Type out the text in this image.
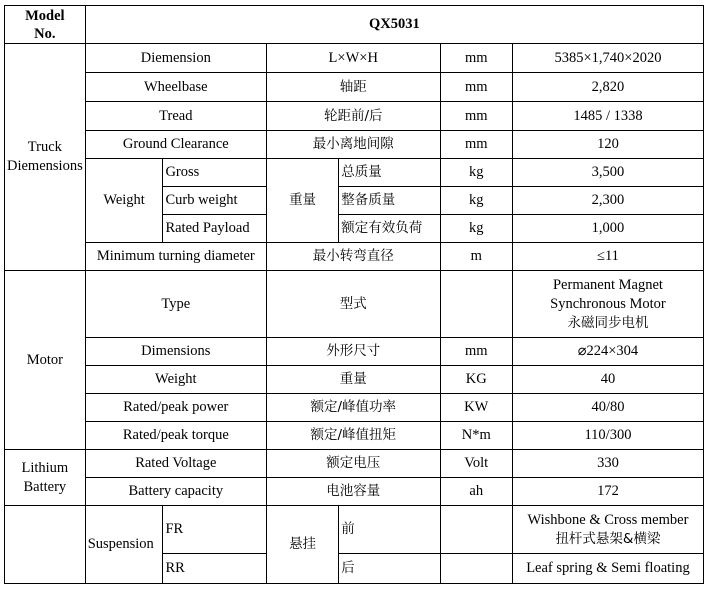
Model
No.	QX5031					
Truck Diemensions	Diemension		L×W×H		mm	5385×1,740×2020
	Wheelbase		轴距		mm	2,820
	Tread		轮距前/后		mm	1485 / 1338
	Ground Clearance		最小离地间隙		mm	120
	Weight	Gross	重量	总质量	kg	3,500
		Curb weight		整备质量	kg	2,300
		Rated Payload		额定有效负荷	kg	1,000
	Minimum turning diameter		最小转弯直径		m	≤11
Motor	Type		型式			Permanent Magnet
Synchronous Motor
永磁同步电机

	Dimensions		外形尺寸		mm	⌀224×304
	Weight		重量		KG	40
	Rated/peak power		额定/峰值功率		KW	40/80
	Rated/peak torque		额定/峰值扭矩		N*m	110/300
Lithium Battery	Rated Voltage		额定电压		Volt	330
	Battery capacity		电池容量		ah	172
	Suspension	FR	悬挂	前		Wishbone & Cross member
扭杆式悬架&横梁

		RR		后		Leaf spring & Semi floating
